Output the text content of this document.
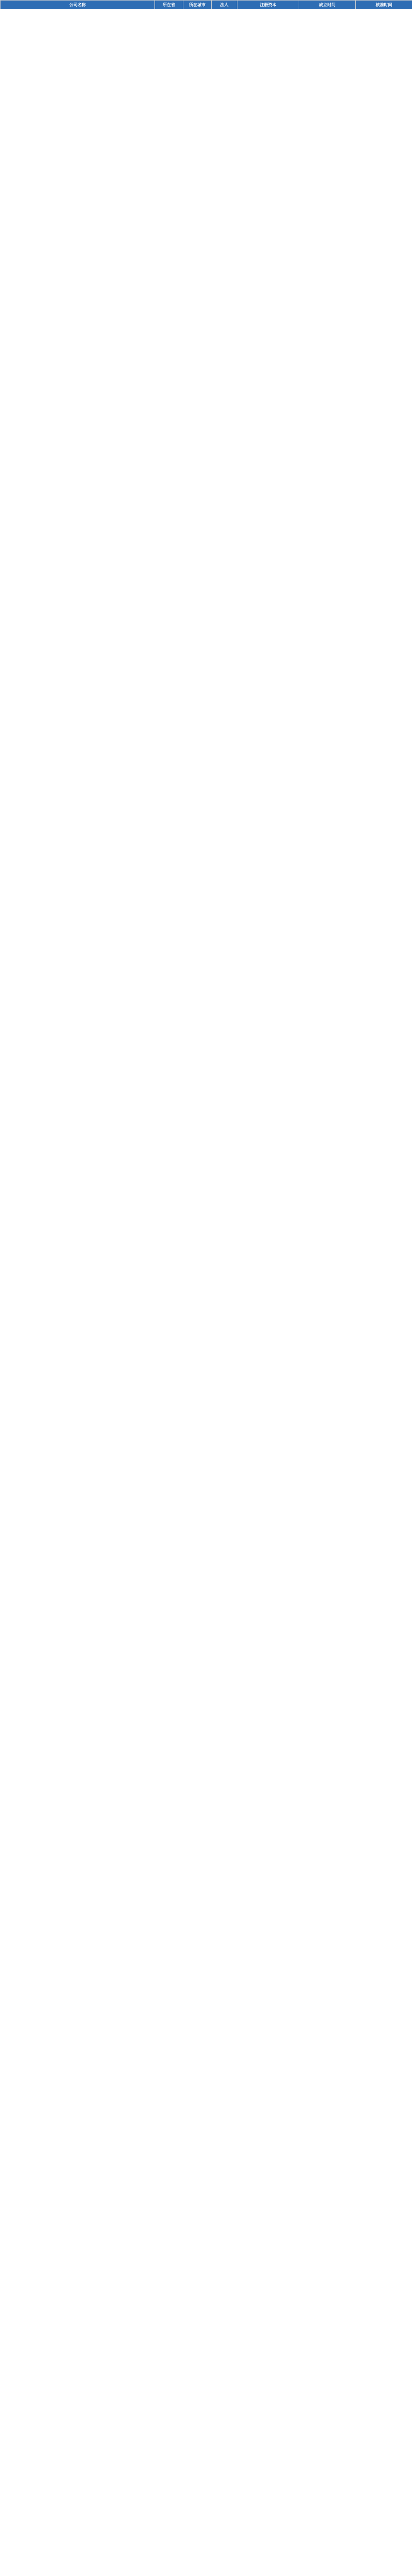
公司名称	所在省	所在城市	法人	注册资本	成立时间	核准时间
